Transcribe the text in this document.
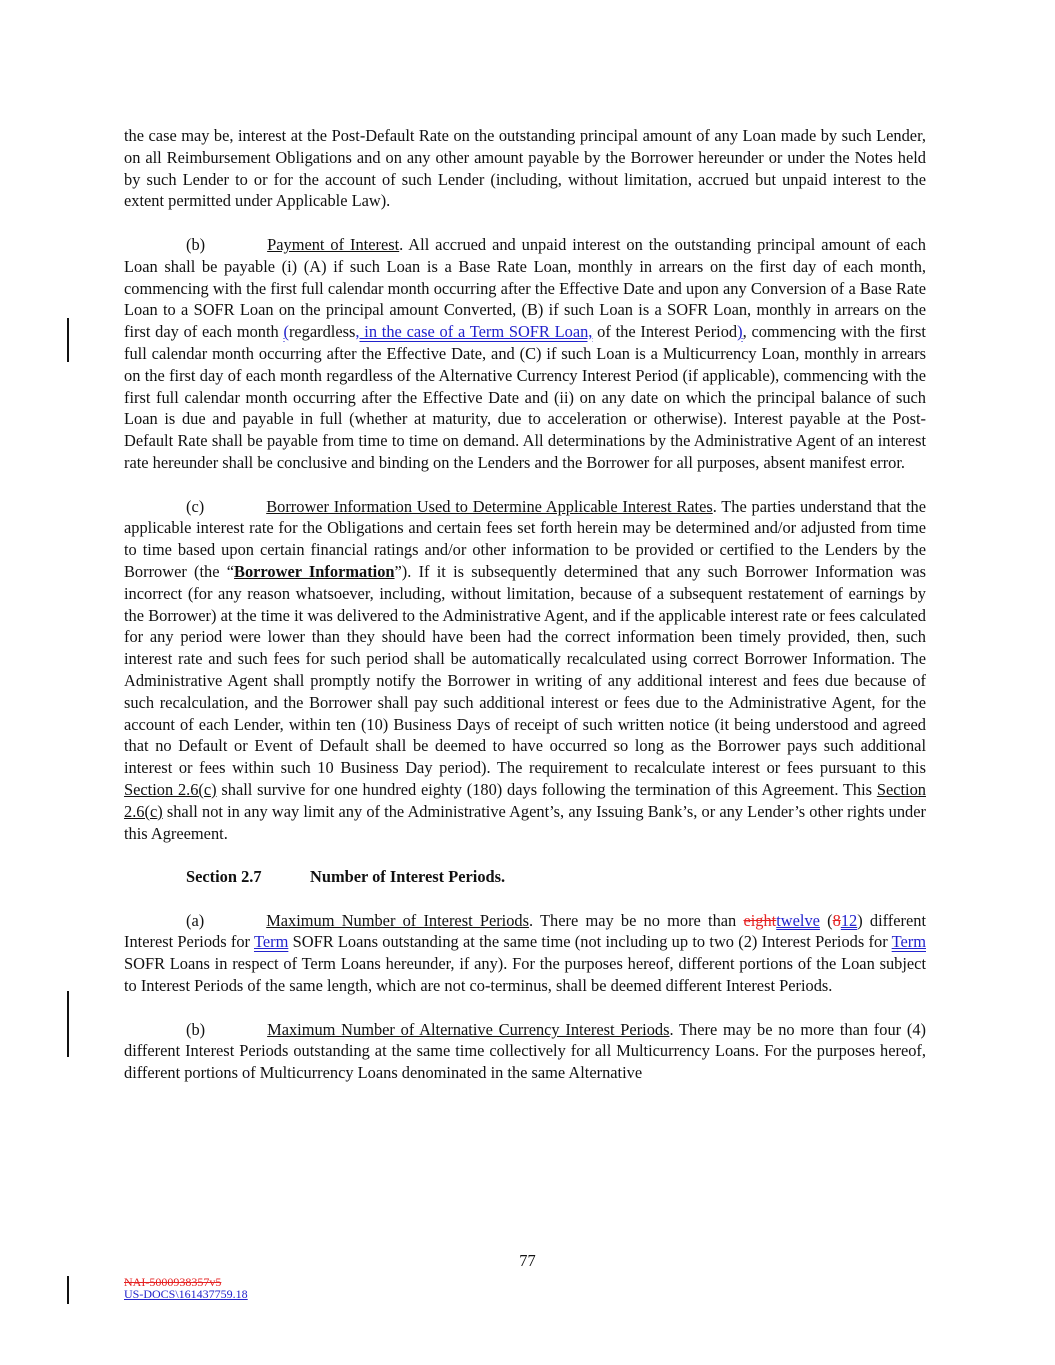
the case may be, interest at the Post-Default Rate on the outstanding principal amount of any Loan made by such Lender, on all Reimbursement Obligations and on any other amount payable by the Borrower hereunder or under the Notes held by such Lender to or for the account of such Lender (including, without limitation, accrued but unpaid interest to the extent permitted under Applicable Law).

(b)	Payment of Interest. All accrued and unpaid interest on the outstanding principal amount of each Loan shall be payable (i) (A) if such Loan is a Base Rate Loan, monthly in arrears on the first day of each month, commencing with the first full calendar month occurring after the Effective Date and upon any Conversion of a Base Rate Loan to a SOFR Loan on the principal amount Converted, (B) if such Loan is a SOFR Loan, monthly in arrears on the first day of each month (regardless, in the case of a Term SOFR Loan, of the Interest Period), commencing with the first full calendar month occurring after the Effective Date, and (C) if such Loan is a Multicurrency Loan, monthly in arrears on the first day of each month regardless of the Alternative Currency Interest Period (if applicable), commencing with the first full calendar month occurring after the Effective Date and (ii) on any date on which the principal balance of such Loan is due and payable in full (whether at maturity, due to acceleration or otherwise). Interest payable at the Post-Default Rate shall be payable from time to time on demand. All determinations by the Administrative Agent of an interest rate hereunder shall be conclusive and binding on the Lenders and the Borrower for all purposes, absent manifest error.

(c)	Borrower Information Used to Determine Applicable Interest Rates. The parties understand that the applicable interest rate for the Obligations and certain fees set forth herein may be determined and/or adjusted from time to time based upon certain financial ratings and/or other information to be provided or certified to the Lenders by the Borrower (the “Borrower Information”). If it is subsequently determined that any such Borrower Information was incorrect (for any reason whatsoever, including, without limitation, because of a subsequent restatement of earnings by the Borrower) at the time it was delivered to the Administrative Agent, and if the applicable interest rate or fees calculated for any period were lower than they should have been had the correct information been timely provided, then, such interest rate and such fees for such period shall be automatically recalculated using correct Borrower Information. The Administrative Agent shall promptly notify the Borrower in writing of any additional interest and fees due because of such recalculation, and the Borrower shall pay such additional interest or fees due to the Administrative Agent, for the account of each Lender, within ten (10) Business Days of receipt of such written notice (it being understood and agreed that no Default or Event of Default shall be deemed to have occurred so long as the Borrower pays such additional interest or fees within such 10 Business Day period). The requirement to recalculate interest or fees pursuant to this Section 2.6(c) shall survive for one hundred eighty (180) days following the termination of this Agreement. This Section 2.6(c) shall not in any way limit any of the Administrative Agent’s, any Issuing Bank’s, or any Lender’s other rights under this Agreement.

Section 2.7	Number of Interest Periods.

(a)	Maximum Number of Interest Periods. There may be no more than eighttwelve (812) different Interest Periods for Term SOFR Loans outstanding at the same time (not including up to two (2) Interest Periods for Term SOFR Loans in respect of Term Loans hereunder, if any). For the purposes hereof, different portions of the Loan subject to Interest Periods of the same length, which are not co-terminus, shall be deemed different Interest Periods.

(b)	Maximum Number of Alternative Currency Interest Periods. There may be no more than four (4) different Interest Periods outstanding at the same time collectively for all Multicurrency Loans. For the purposes hereof, different portions of Multicurrency Loans denominated in the same Alternative

77
NAI-5000938357v5
US-DOCS\161437759.18
